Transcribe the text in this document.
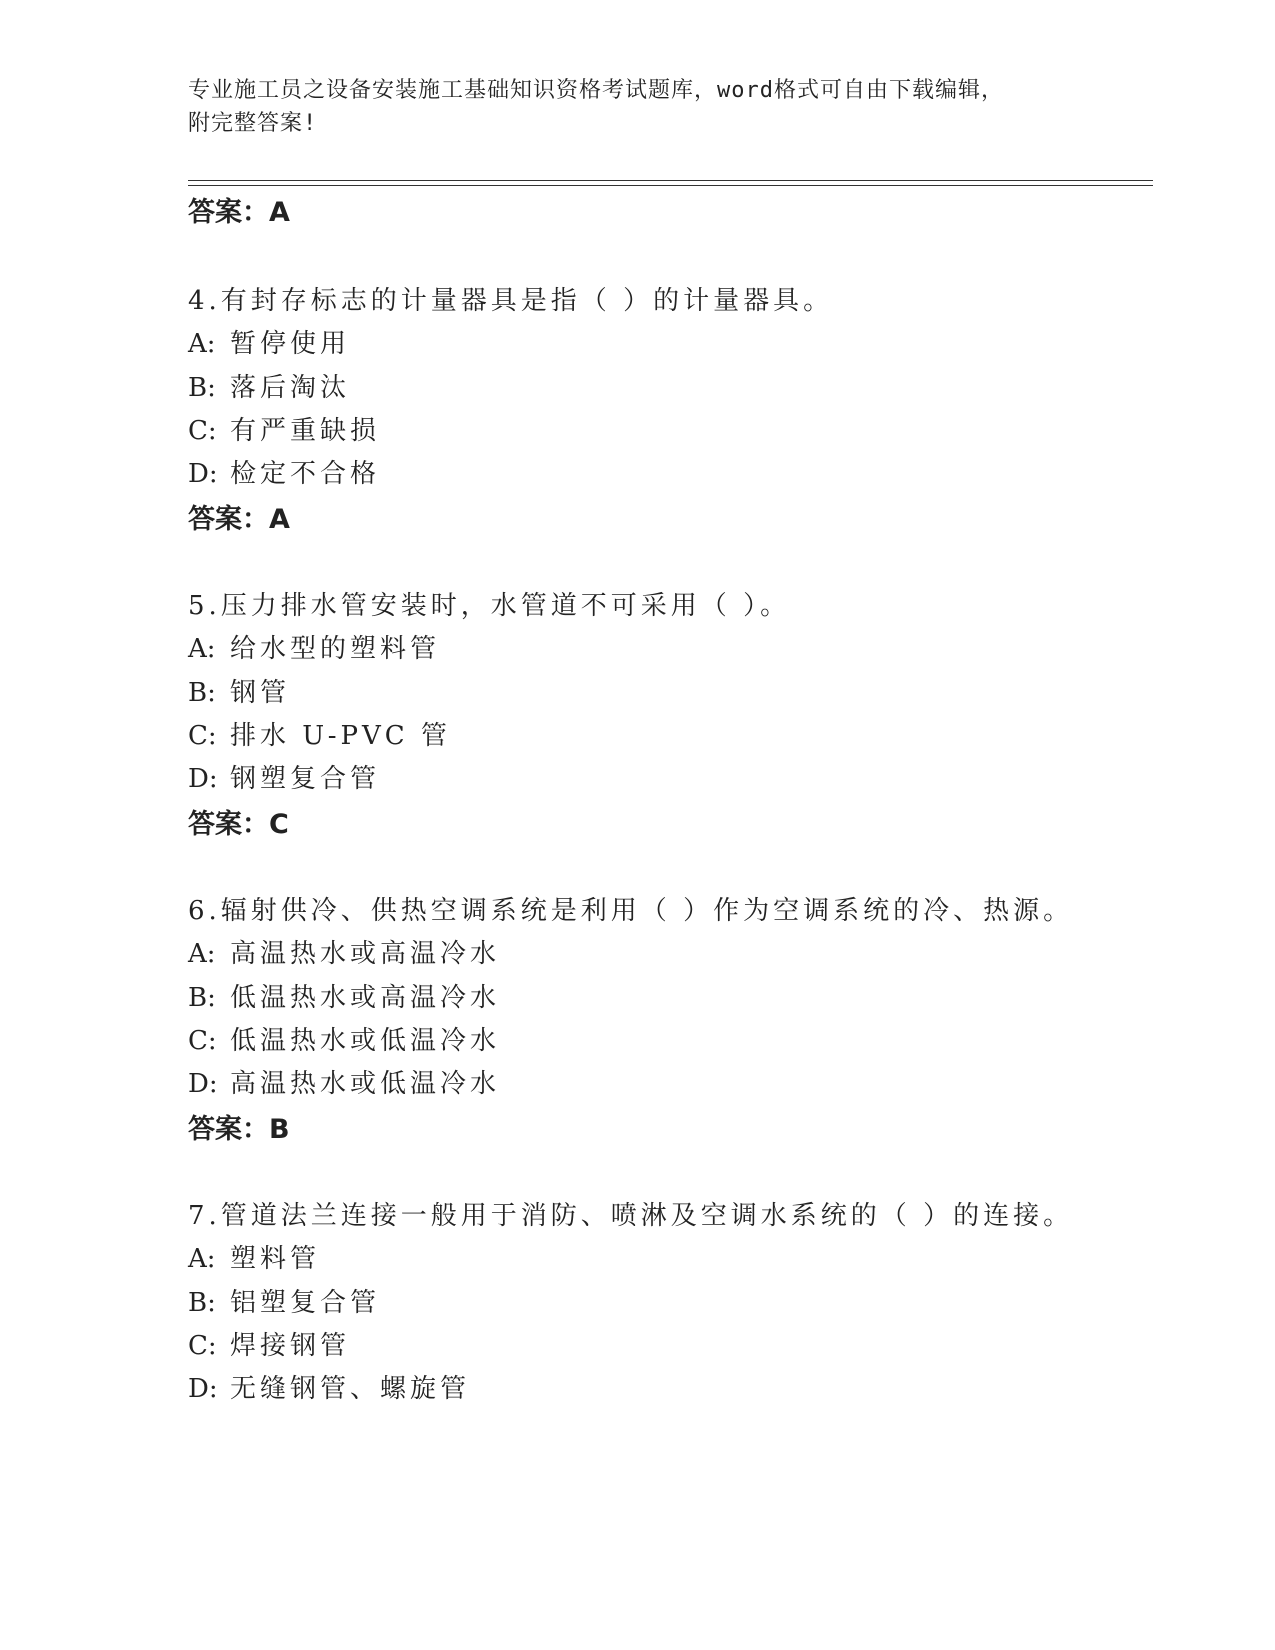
专业施工员之设备安装施工基础知识资格考试题库，word格式可自由下载编辑，
附完整答案!
答案：A
4.有封存标志的计量器具是指（ ）的计量器具。
A: 暂停使用
B: 落后淘汰
C: 有严重缺损
D: 检定不合格
答案：A
5.压力排水管安装时，水管道不可采用（ ）。
A: 给水型的塑料管
B: 钢管
C: 排水 U-PVC 管
D: 钢塑复合管
答案：C
6.辐射供冷、供热空调系统是利用（ ）作为空调系统的冷、热源。
A: 高温热水或高温冷水
B: 低温热水或高温冷水
C: 低温热水或低温冷水
D: 高温热水或低温冷水
答案：B
7.管道法兰连接一般用于消防、喷淋及空调水系统的（ ）的连接。
A: 塑料管
B: 铝塑复合管
C: 焊接钢管
D: 无缝钢管、螺旋管
